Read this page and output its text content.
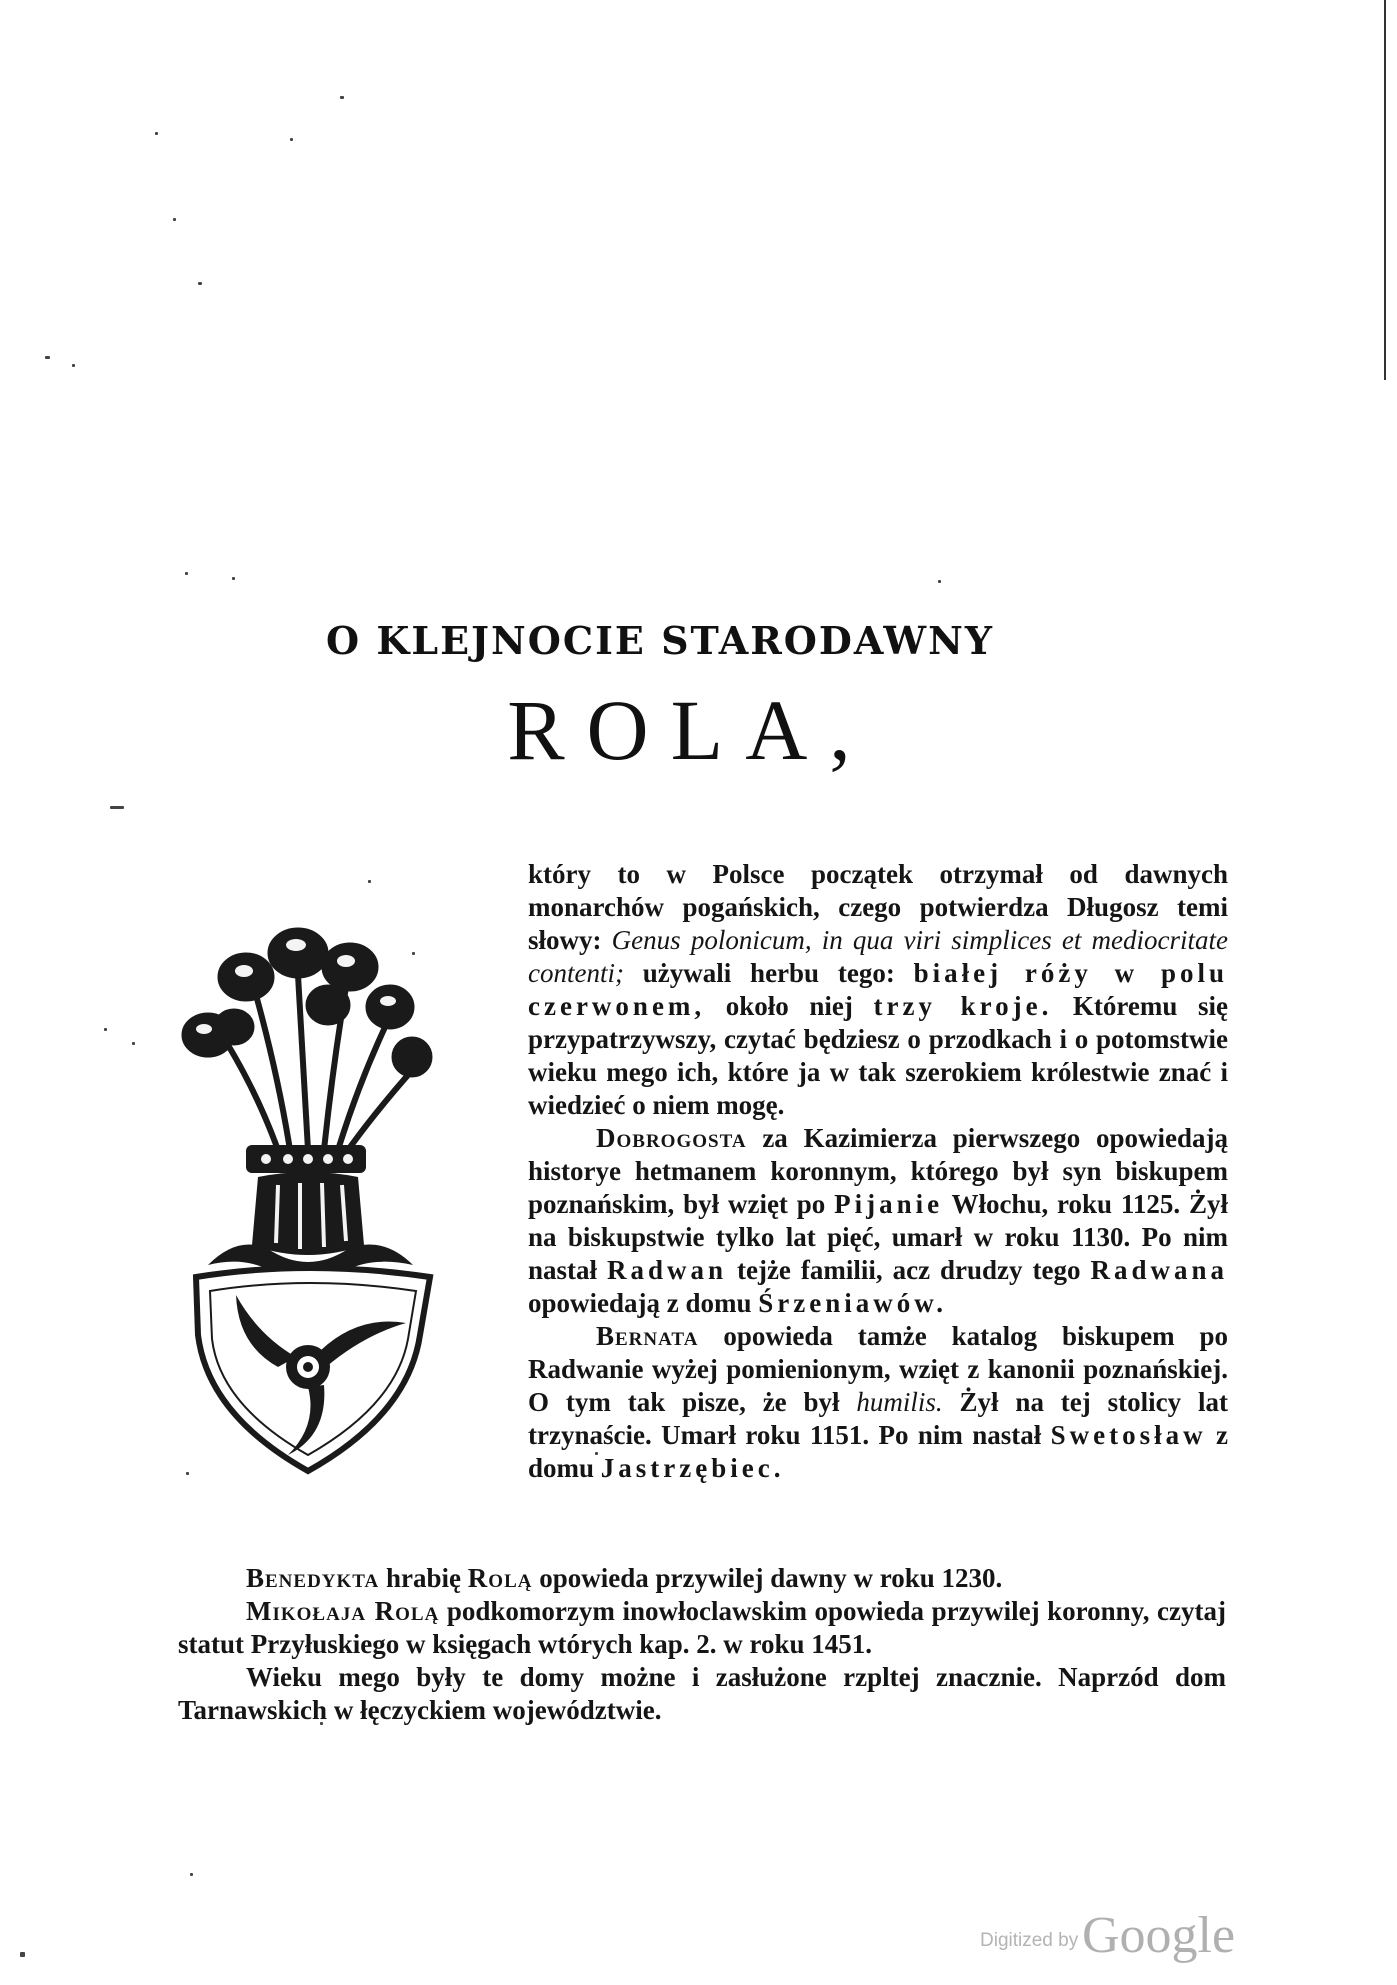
O KLEJNOCIE STARODAWNY
ROLA,

który to w Polsce początek otrzymał od dawnych monarchów pogańskich, czego potwierdza Długosz temi słowy: Genus polonicum, in qua viri simplices et mediocritate contenti; używali herbu tego: białej róży w polu czerwonem, około niej trzy kroje. Któremu się przypatrzywszy, czytać będziesz o przodkach i o potomstwie wieku mego ich, które ja w tak szerokiem królestwie znać i wiedzieć o niem mogę.

Dobrogosta za Kazimierza pierwszego opowiedają historye hetmanem koronnym, którego był syn biskupem poznańskim, był wzięt po Pijanie Włochu, roku 1125. Żył na biskupstwie tylko lat pięć, umarł w roku 1130. Po nim nastał Radwan tejże familii, acz drudzy tego Radwana opowiedają z domu Śrzeniawów.

Bernata opowieda tamże katalog biskupem po Radwanie wyżej pomienionym, wzięt z kanonii poznańskiej. O tym tak pisze, że był humilis. Żył na tej stolicy lat trzynaście. Umarł roku 1151. Po nim nastał Swetosław z domu Jastrzębiec.

Benedykta hrabię Rolą opowieda przywilej dawny w roku 1230.

Mikołaja Rolą podkomorzym inowłoclawskim opowieda przywilej koronny, czytaj statut Przyłuskiego w księgach wtórych kap. 2. w roku 1451.

Wieku mego były te domy możne i zasłużone rzpltej znacznie. Naprzód dom Tarnawskich w łęczyckiem województwie.

Digitized by Google
